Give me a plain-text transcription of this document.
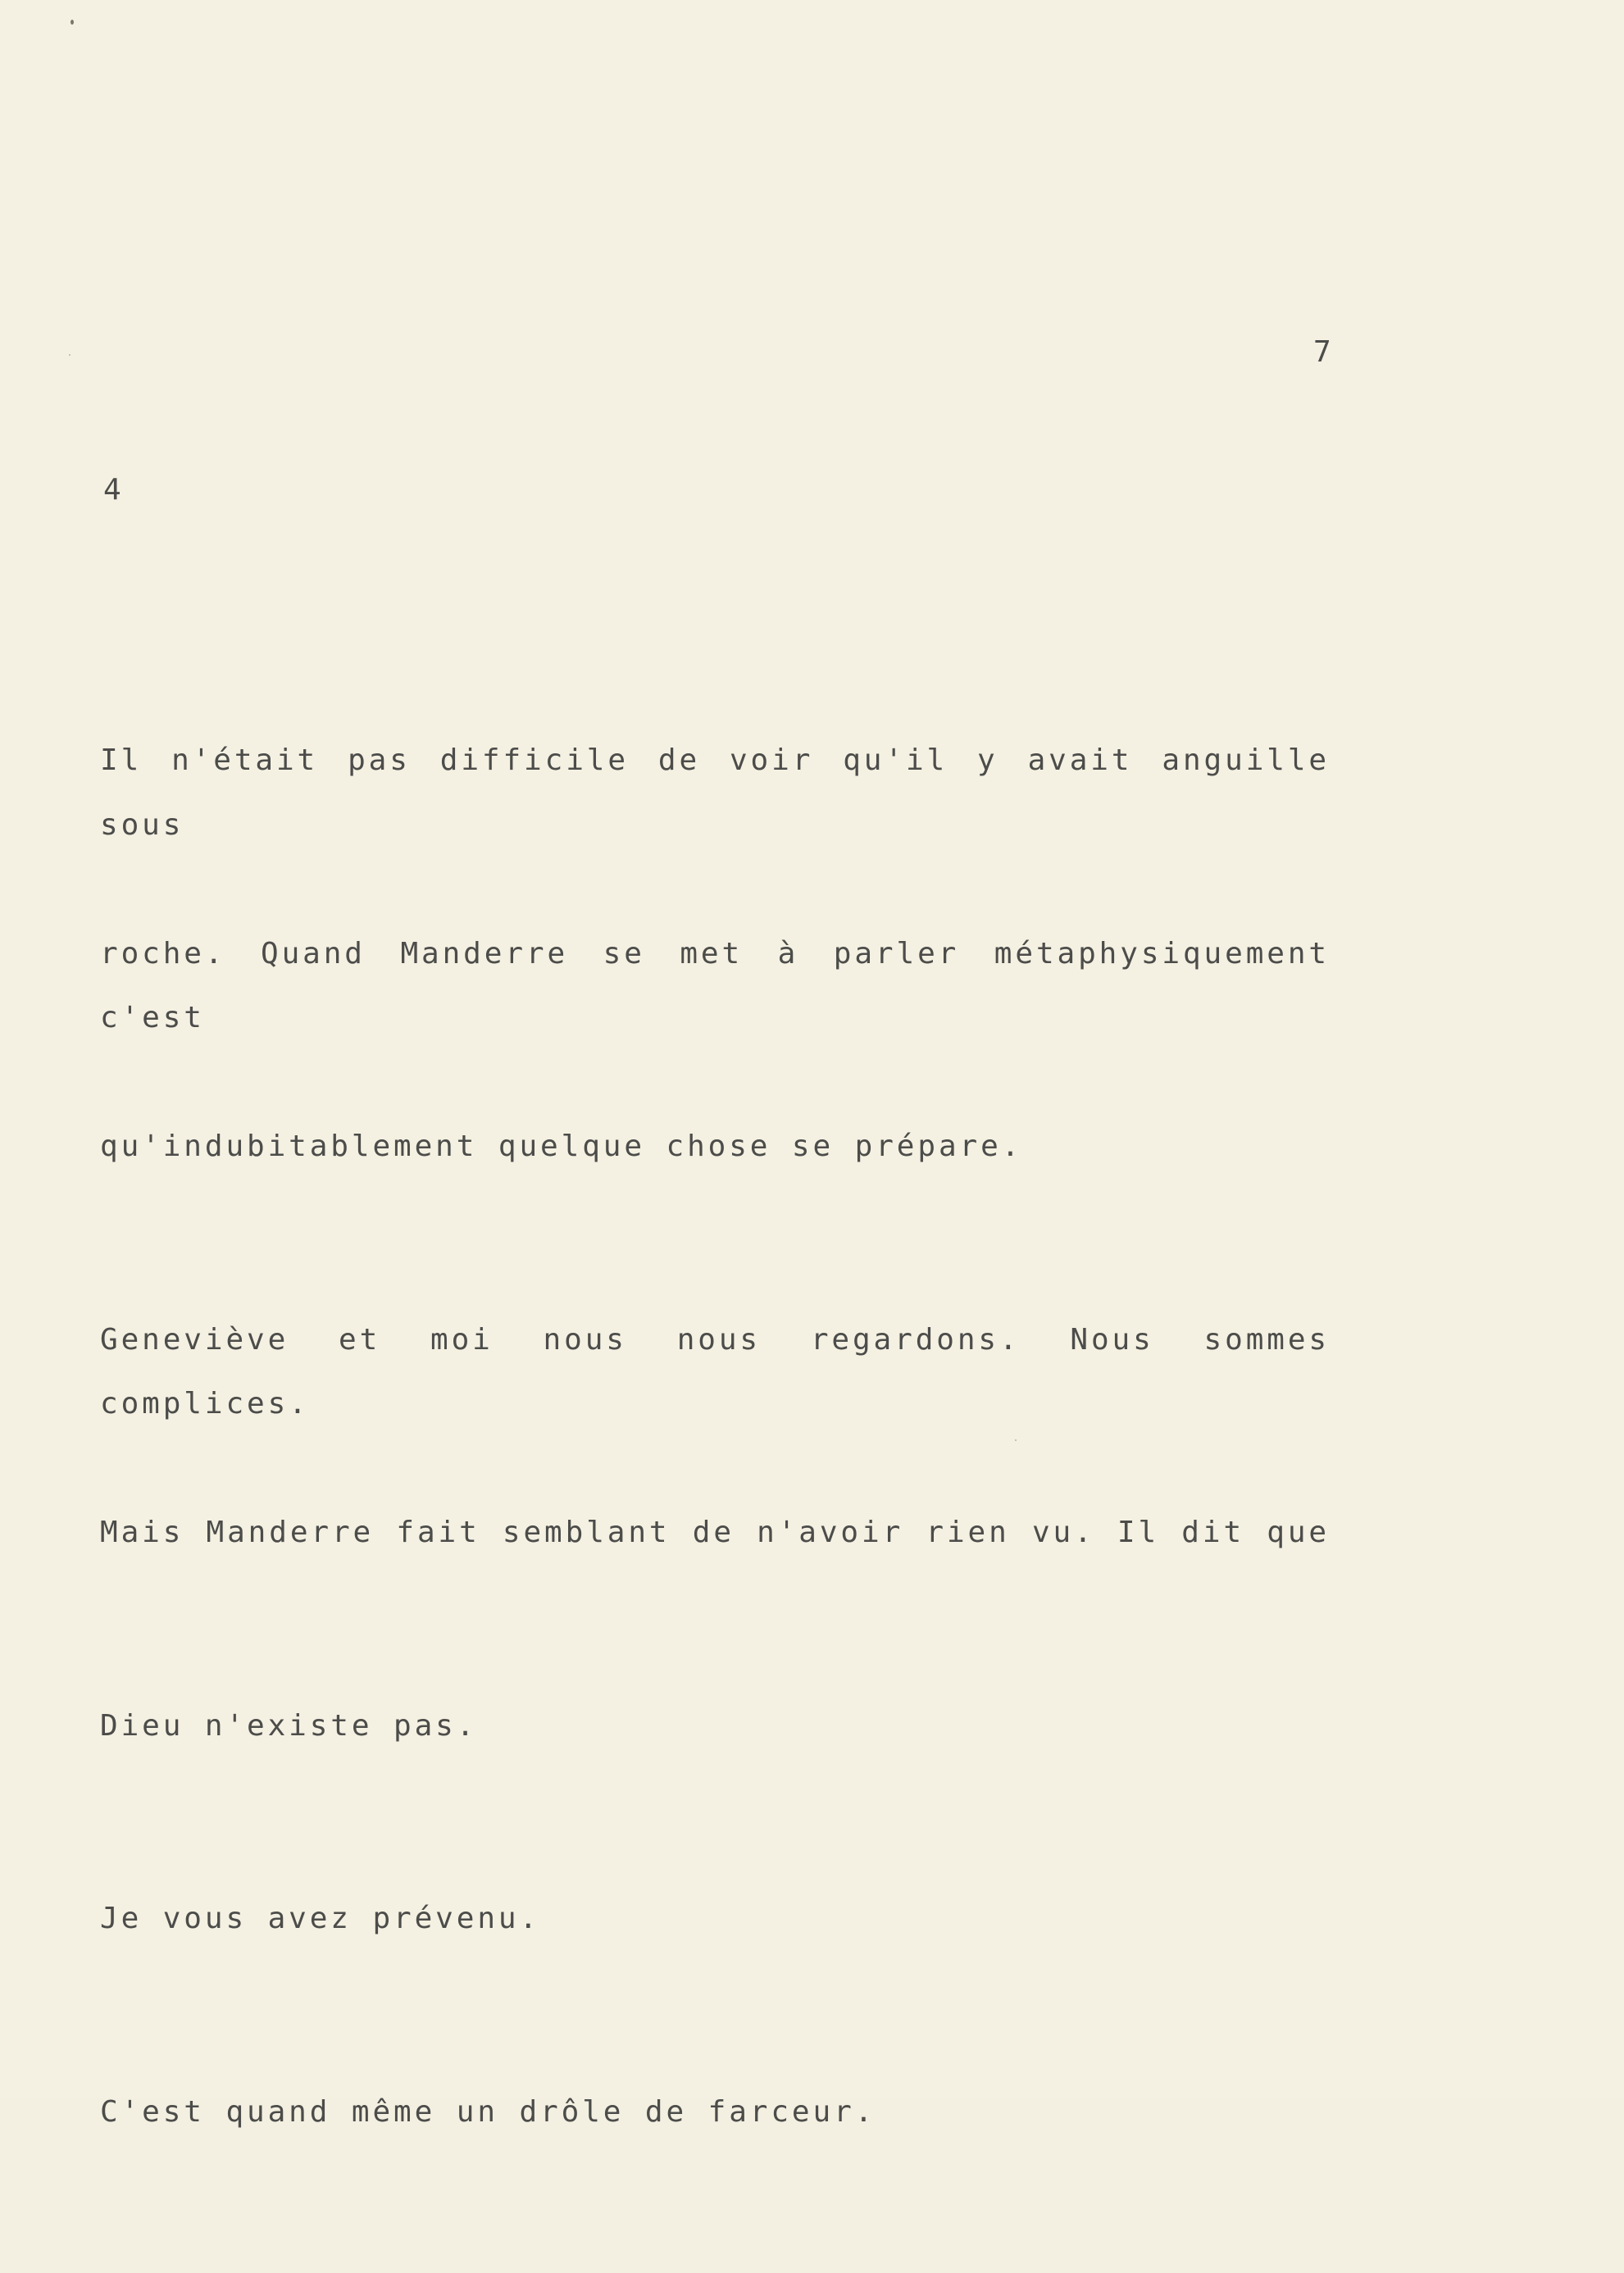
7
4

Il n'était pas difficile de voir qu'il y avait anguille sous

roche. Quand Manderre se met à parler métaphysiquement c'est

qu'indubitablement quelque chose se prépare.

Geneviève et moi nous nous regardons. Nous sommes complices.

Mais Manderre fait semblant de n'avoir rien vu. Il dit que

Dieu n'existe pas.

Je vous avez prévenu.

C'est quand même un drôle de farceur.
